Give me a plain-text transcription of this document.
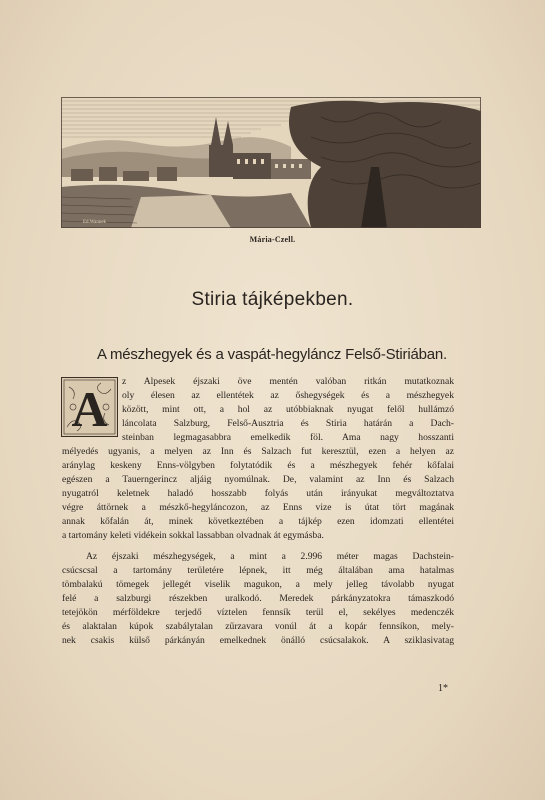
Ed.Wannek
Mária-Czell.
Stiria tájképekben.
A mészhegyek és a vaspát-hegyláncz Felső-Stiriában.
A z Alpesek éjszaki öve mentén valóban ritkán mutatkoznak
oly élesen az ellentétek az őshegységek és a mészhegyek
között, mint ott, a hol az utóbbiaknak nyugat felől hullámzó
láncolata Salzburg, Felső-Ausztria és Stiria határán a Dach-
steinban legmagasabbra emelkedik föl. Ama nagy hosszanti
mélyedés ugyanis, a melyen az Inn és Salzach fut keresztül, ezen a helyen az
aránylag keskeny Enns-völgyben folytatódik és a mészhegyek fehér kőfalai
egészen a Tauerngerincz aljáig nyomúlnak. De, valamint az Inn és Salzach
nyugatról keletnek haladó hosszabb folyás után irányukat megváltoztatva
végre áttörnek a mészkő-hegyláncozon, az Enns vize is útat tört magának
annak kőfalán át, minek következtében a tájkép ezen idomzati ellentétei
a tartomány keleti vidékein sokkal lassabban olvadnak át egymásba.
Az éjszaki mészhegységek, a mint a 2.996 méter magas Dachstein-
csúcscsal a tartomány területére lépnek, itt még általában ama hatalmas
tömbalakú tömegek jellegét viselik magukon, a mely jelleg távolabb nyugat
felé a salzburgi részekben uralkodó. Meredek párkányzatokra támaszkodó
tetejökön mérföldekre terjedő víztelen fennsík terül el, sekélyes medenczék
és alaktalan kúpok szabálytalan zűrzavara vonúl át a kopár fennsíkon, mely-
nek csakis külső párkányán emelkednek önálló csúcsalakok. A sziklasivatag
1*
